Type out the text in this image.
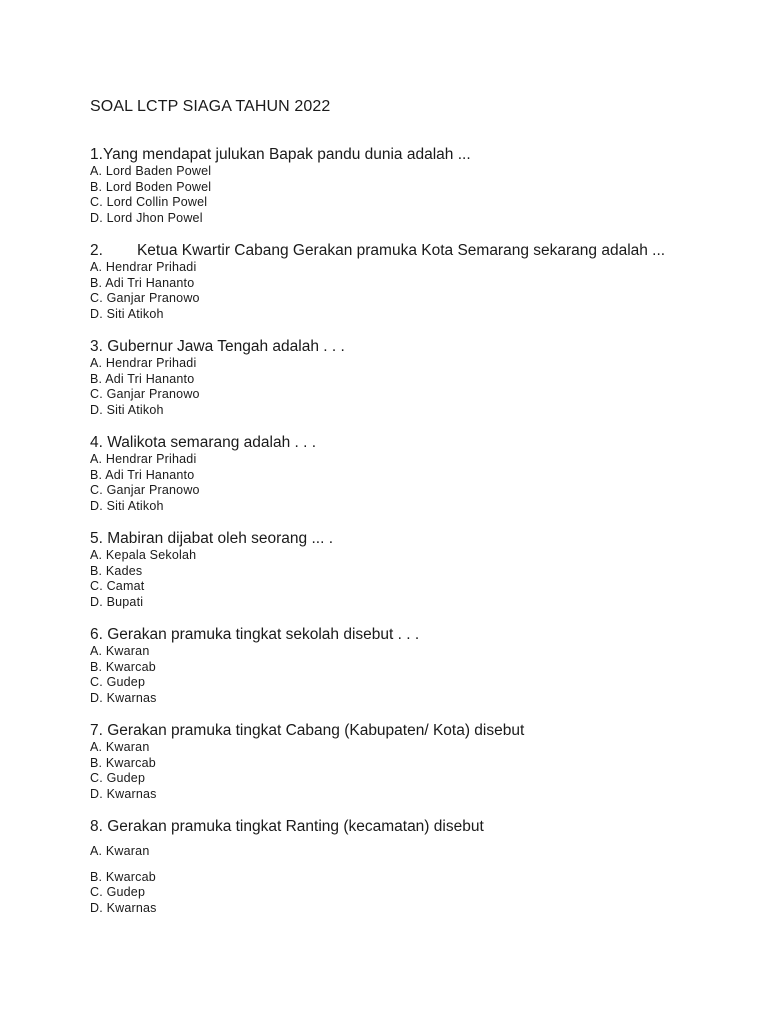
SOAL LCTP SIAGA TAHUN 2022
1.Yang mendapat julukan Bapak pandu dunia adalah ...
A. Lord Baden Powel
B. Lord Boden Powel
C. Lord Collin Powel
D. Lord Jhon Powel
2. Ketua Kwartir Cabang Gerakan pramuka Kota Semarang sekarang adalah ...
A. Hendrar Prihadi
B. Adi Tri Hananto
C. Ganjar Pranowo
D. Siti Atikoh
3. Gubernur Jawa Tengah adalah . . .
A. Hendrar Prihadi
B. Adi Tri Hananto
C. Ganjar Pranowo
D. Siti Atikoh
4. Walikota semarang adalah . . .
A. Hendrar Prihadi
B. Adi Tri Hananto
C. Ganjar Pranowo
D. Siti Atikoh
5. Mabiran dijabat oleh seorang ... .
A. Kepala Sekolah
B. Kades
C. Camat
D. Bupati
6. Gerakan pramuka tingkat sekolah disebut . . .
A. Kwaran
B. Kwarcab
C. Gudep
D. Kwarnas
7. Gerakan pramuka tingkat Cabang (Kabupaten/ Kota) disebut
A. Kwaran
B. Kwarcab
C. Gudep
D. Kwarnas
8. Gerakan pramuka tingkat Ranting (kecamatan) disebut
A. Kwaran
B. Kwarcab
C. Gudep
D. Kwarnas
